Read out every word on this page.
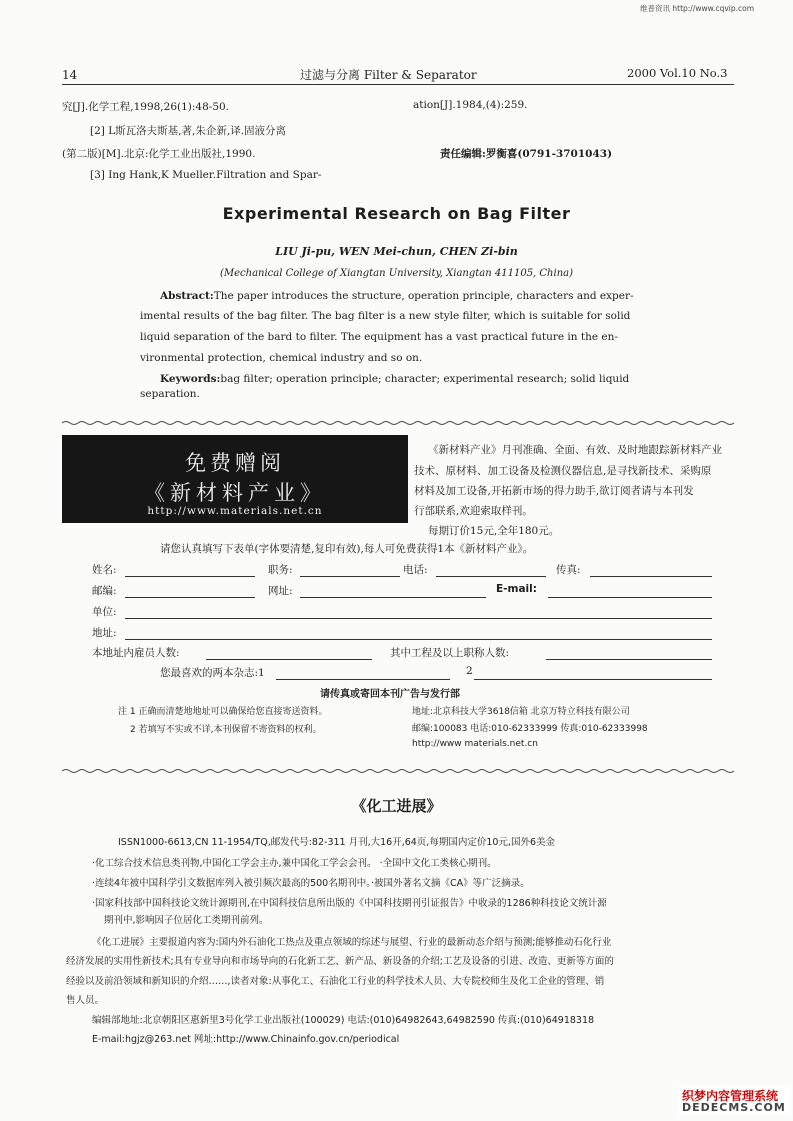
维普资讯 http://www.cqvip.com
14	过滤与分离 Filter & Separator	2000 Vol.10 No.3
究[J].化学工程,1998,26(1):48-50.
[2] L斯瓦洛夫斯基,著,朱企新,译.固液分离
(第二版)[M].北京:化学工业出版社,1990.
[3] Ing Hank,K Mueller.Filtration and Spar-
ation[J].1984,(4):259.
责任编辑:罗衡喜(0791-3701043)
Experimental Research on Bag Filter
LIU Ji-pu, WEN Mei-chun, CHEN Zi-bin
(Mechanical College of Xiangtan University, Xiangtan 411105, China)
Abstract:The paper introduces the structure, operation principle, characters and exper-
imental results of the bag filter. The bag filter is a new style filter, which is suitable for solid
liquid separation of the bard to filter. The equipment has a vast practical future in the en-
vironmental protection, chemical industry and so on.
Keywords:bag filter; operation principle; character; experimental research; solid liquid
separation.
免费赠阅
《新材料产业》
http://www.materials.net.cn
《新材料产业》月刊准确、全面、有效、及时地跟踪新材料产业
技术、原材料、加工设备及检测仪器信息,是寻找新技术、采购原
材料及加工设备,开拓新市场的得力助手,欲订阅者请与本刊发
行部联系,欢迎索取样刊。
每期订价15元,全年180元。
请您认真填写下表单(字体要清楚,复印有效),每人可免费获得1本《新材料产业》。
姓名:	职务:	电话:	传真:
邮编:	网址:	E-mail:
单位:
地址:
本地址内雇员人数:	其中工程及以上职称人数:
您最喜欢的两本杂志:1	2
请传真或寄回本刊广告与发行部
注 1 正确而清楚地地址可以确保给您直接寄送资料。
2 若填写不实或不详,本刊保留不寄资料的权利。
地址:北京科技大学3618信箱 北京万特立科技有限公司
邮编:100083 电话:010-62333999 传真:010-62333998
http://www materials.net.cn
《化工进展》
ISSN1000-6613,CN 11-1954/TQ,邮发代号:82-311 月刊,大16开,64页,每期国内定价10元,国外6美金
·化工综合技术信息类刊物,中国化工学会主办,兼中国化工学会会刊。 ·全国中文化工类核心期刊。
·连续4年被中国科学引文数据库列入被引频次最高的500名期刊中。·被国外著名文摘《CA》等广泛摘录。
·国家科技部中国科技论文统计源期刊,在中国科技信息所出版的《中国科技期刊引证报告》中收录的1286种科技论文统计源
期刊中,影响因子位居化工类期刊前列。
《化工进展》主要报道内容为:国内外石油化工热点及重点领域的综述与展望、行业的最新动态介绍与预测;能够推动石化行业
经济发展的实用性新技术;具有专业导向和市场导向的石化新工艺、新产品、新设备的介绍;工艺及设备的引进、改造、更新等方面的
经验以及前沿领域和新知识的介绍……,读者对象:从事化工、石油化工行业的科学技术人员、大专院校师生及化工企业的管理、销
售人员。
编辑部地址:北京朝阳区惠新里3号化学工业出版社(100029) 电话:(010)64982643,64982590 传真:(010)64918318
E-mail:hgjz@263.net 网址:http://www.Chinainfo.gov.cn/periodical
织梦内容管理系统
DEDECMS.COM
